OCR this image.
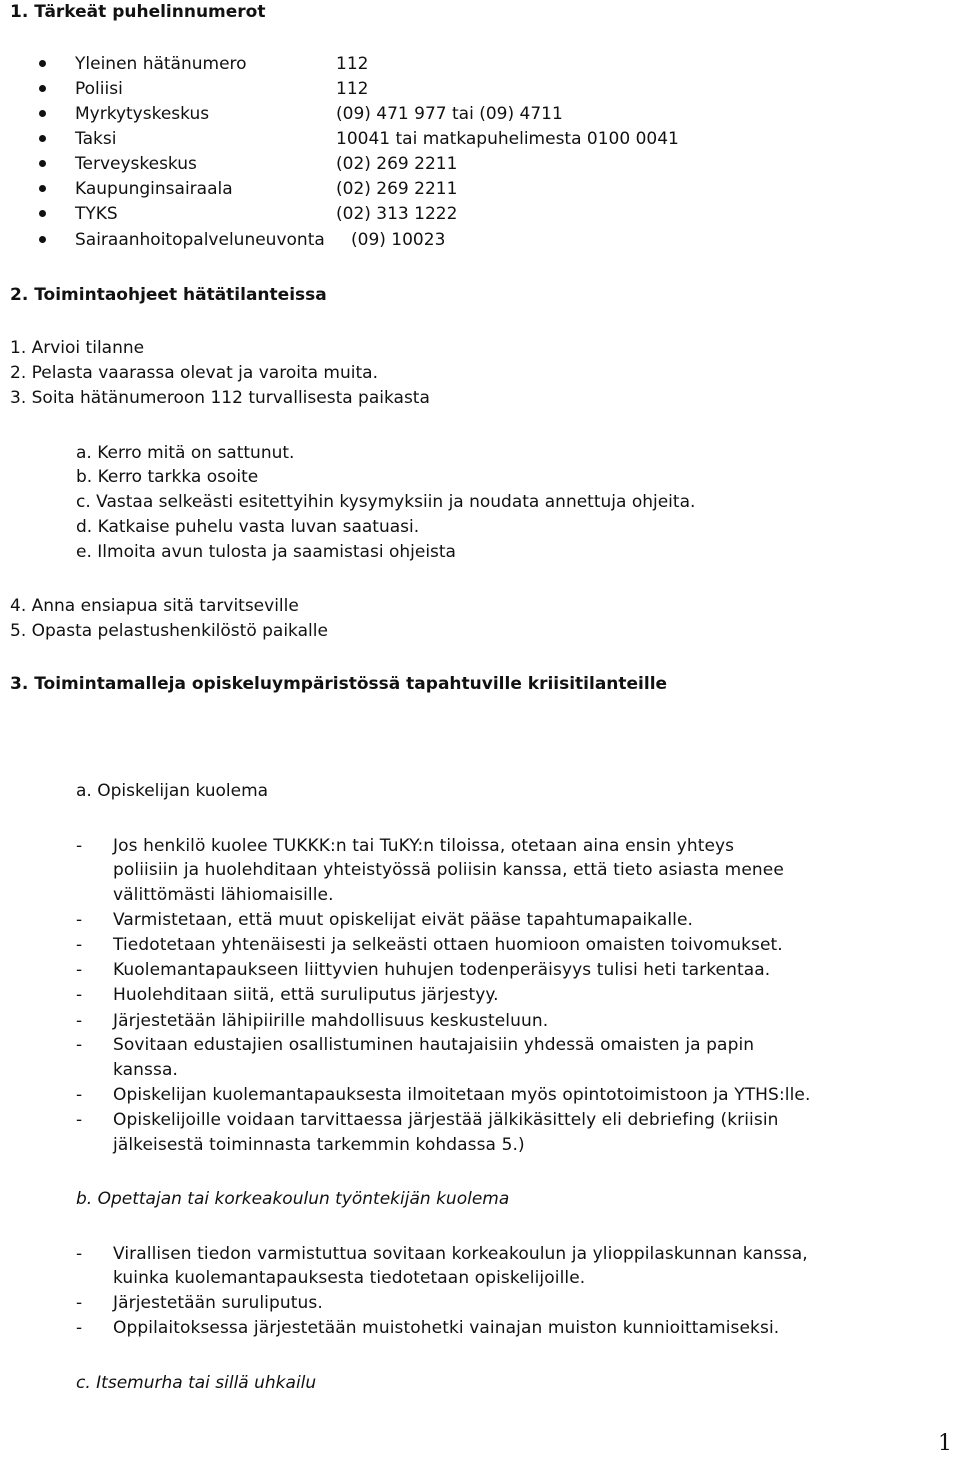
1. Tärkeät puhelinnumerot
Yleinen hätänumero	112
Poliisi	112
Myrkytyskeskus	(09) 471 977 tai (09) 4711
Taksi	10041 tai matkapuhelimesta 0100 0041
Terveyskeskus	(02) 269 2211
Kaupunginsairaala	(02) 269 2211
TYKS	(02) 313 1222
Sairaanhoitopalveluneuvonta (09) 10023
2. Toimintaohjeet hätätilanteissa
1. Arvioi tilanne
2. Pelasta vaarassa olevat ja varoita muita.
3. Soita hätänumeroon 112 turvallisesta paikasta
a. Kerro mitä on sattunut.
b. Kerro tarkka osoite
c. Vastaa selkeästi esitettyihin kysymyksiin ja noudata annettuja ohjeita.
d. Katkaise puhelu vasta luvan saatuasi.
e. Ilmoita avun tulosta ja saamistasi ohjeista
4. Anna ensiapua sitä tarvitseville
5. Opasta pelastushenkilöstö paikalle
3. Toimintamalleja opiskeluympäristössä tapahtuville kriisitilanteille
a. Opiskelijan kuolema
- Jos henkilö kuolee TUKKK:n tai TuKY:n tiloissa, otetaan aina ensin yhteys
poliisiin ja huolehditaan yhteistyössä poliisin kanssa, että tieto asiasta menee
välittömästi lähiomaisille.
- Varmistetaan, että muut opiskelijat eivät pääse tapahtumapaikalle.
- Tiedotetaan yhtenäisesti ja selkeästi ottaen huomioon omaisten toivomukset.
- Kuolemantapaukseen liittyvien huhujen todenperäisyys tulisi heti tarkentaa.
- Huolehditaan siitä, että suruliputus järjestyy.
- Järjestetään lähipiirille mahdollisuus keskusteluun.
- Sovitaan edustajien osallistuminen hautajaisiin yhdessä omaisten ja papin
kanssa.
- Opiskelijan kuolemantapauksesta ilmoitetaan myös opintotoimistoon ja YTHS:lle.
- Opiskelijoille voidaan tarvittaessa järjestää jälkikäsittely eli debriefing (kriisin
jälkeisestä toiminnasta tarkemmin kohdassa 5.)
b. Opettajan tai korkeakoulun työntekijän kuolema
- Virallisen tiedon varmistuttua sovitaan korkeakoulun ja ylioppilaskunnan kanssa,
kuinka kuolemantapauksesta tiedotetaan opiskelijoille.
- Järjestetään suruliputus.
- Oppilaitoksessa järjestetään muistohetki vainajan muiston kunnioittamiseksi.
c. Itsemurha tai sillä uhkailu
1
